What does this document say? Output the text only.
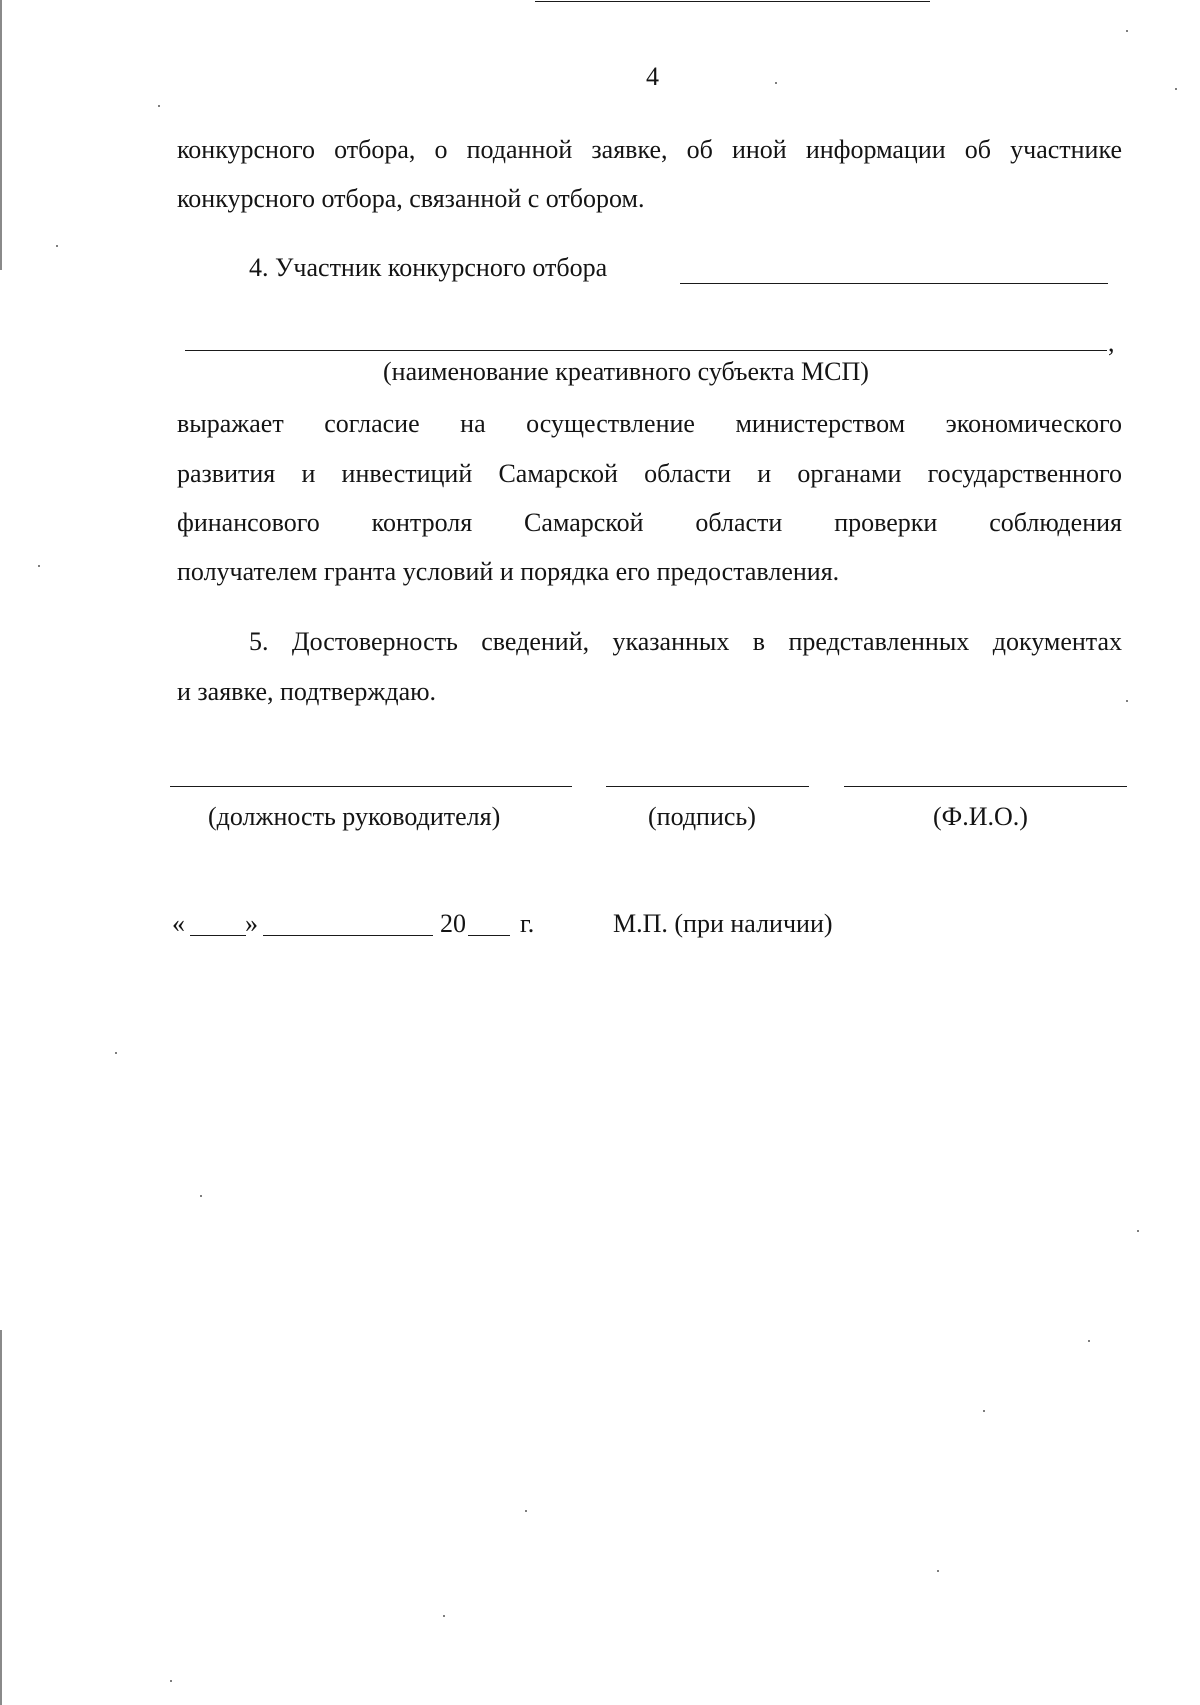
4
конкурсного отбора, о поданной заявке, об иной информации об участнике
конкурсного отбора, связанной с отбором.
4. Участник конкурсного отбора
,
(наименование креативного субъекта МСП)
выражает согласие на осуществление министерством экономического
развития и инвестиций Самарской области и органами государственного
финансового контроля Самарской области проверки соблюдения
получателем гранта условий и порядка его предоставления.
5. Достоверность сведений, указанных в представленных документах
и заявке, подтверждаю.
(должность руководителя)	(подпись)	(Ф.И.О.)
« »	20 г.	М.П. (при наличии)
